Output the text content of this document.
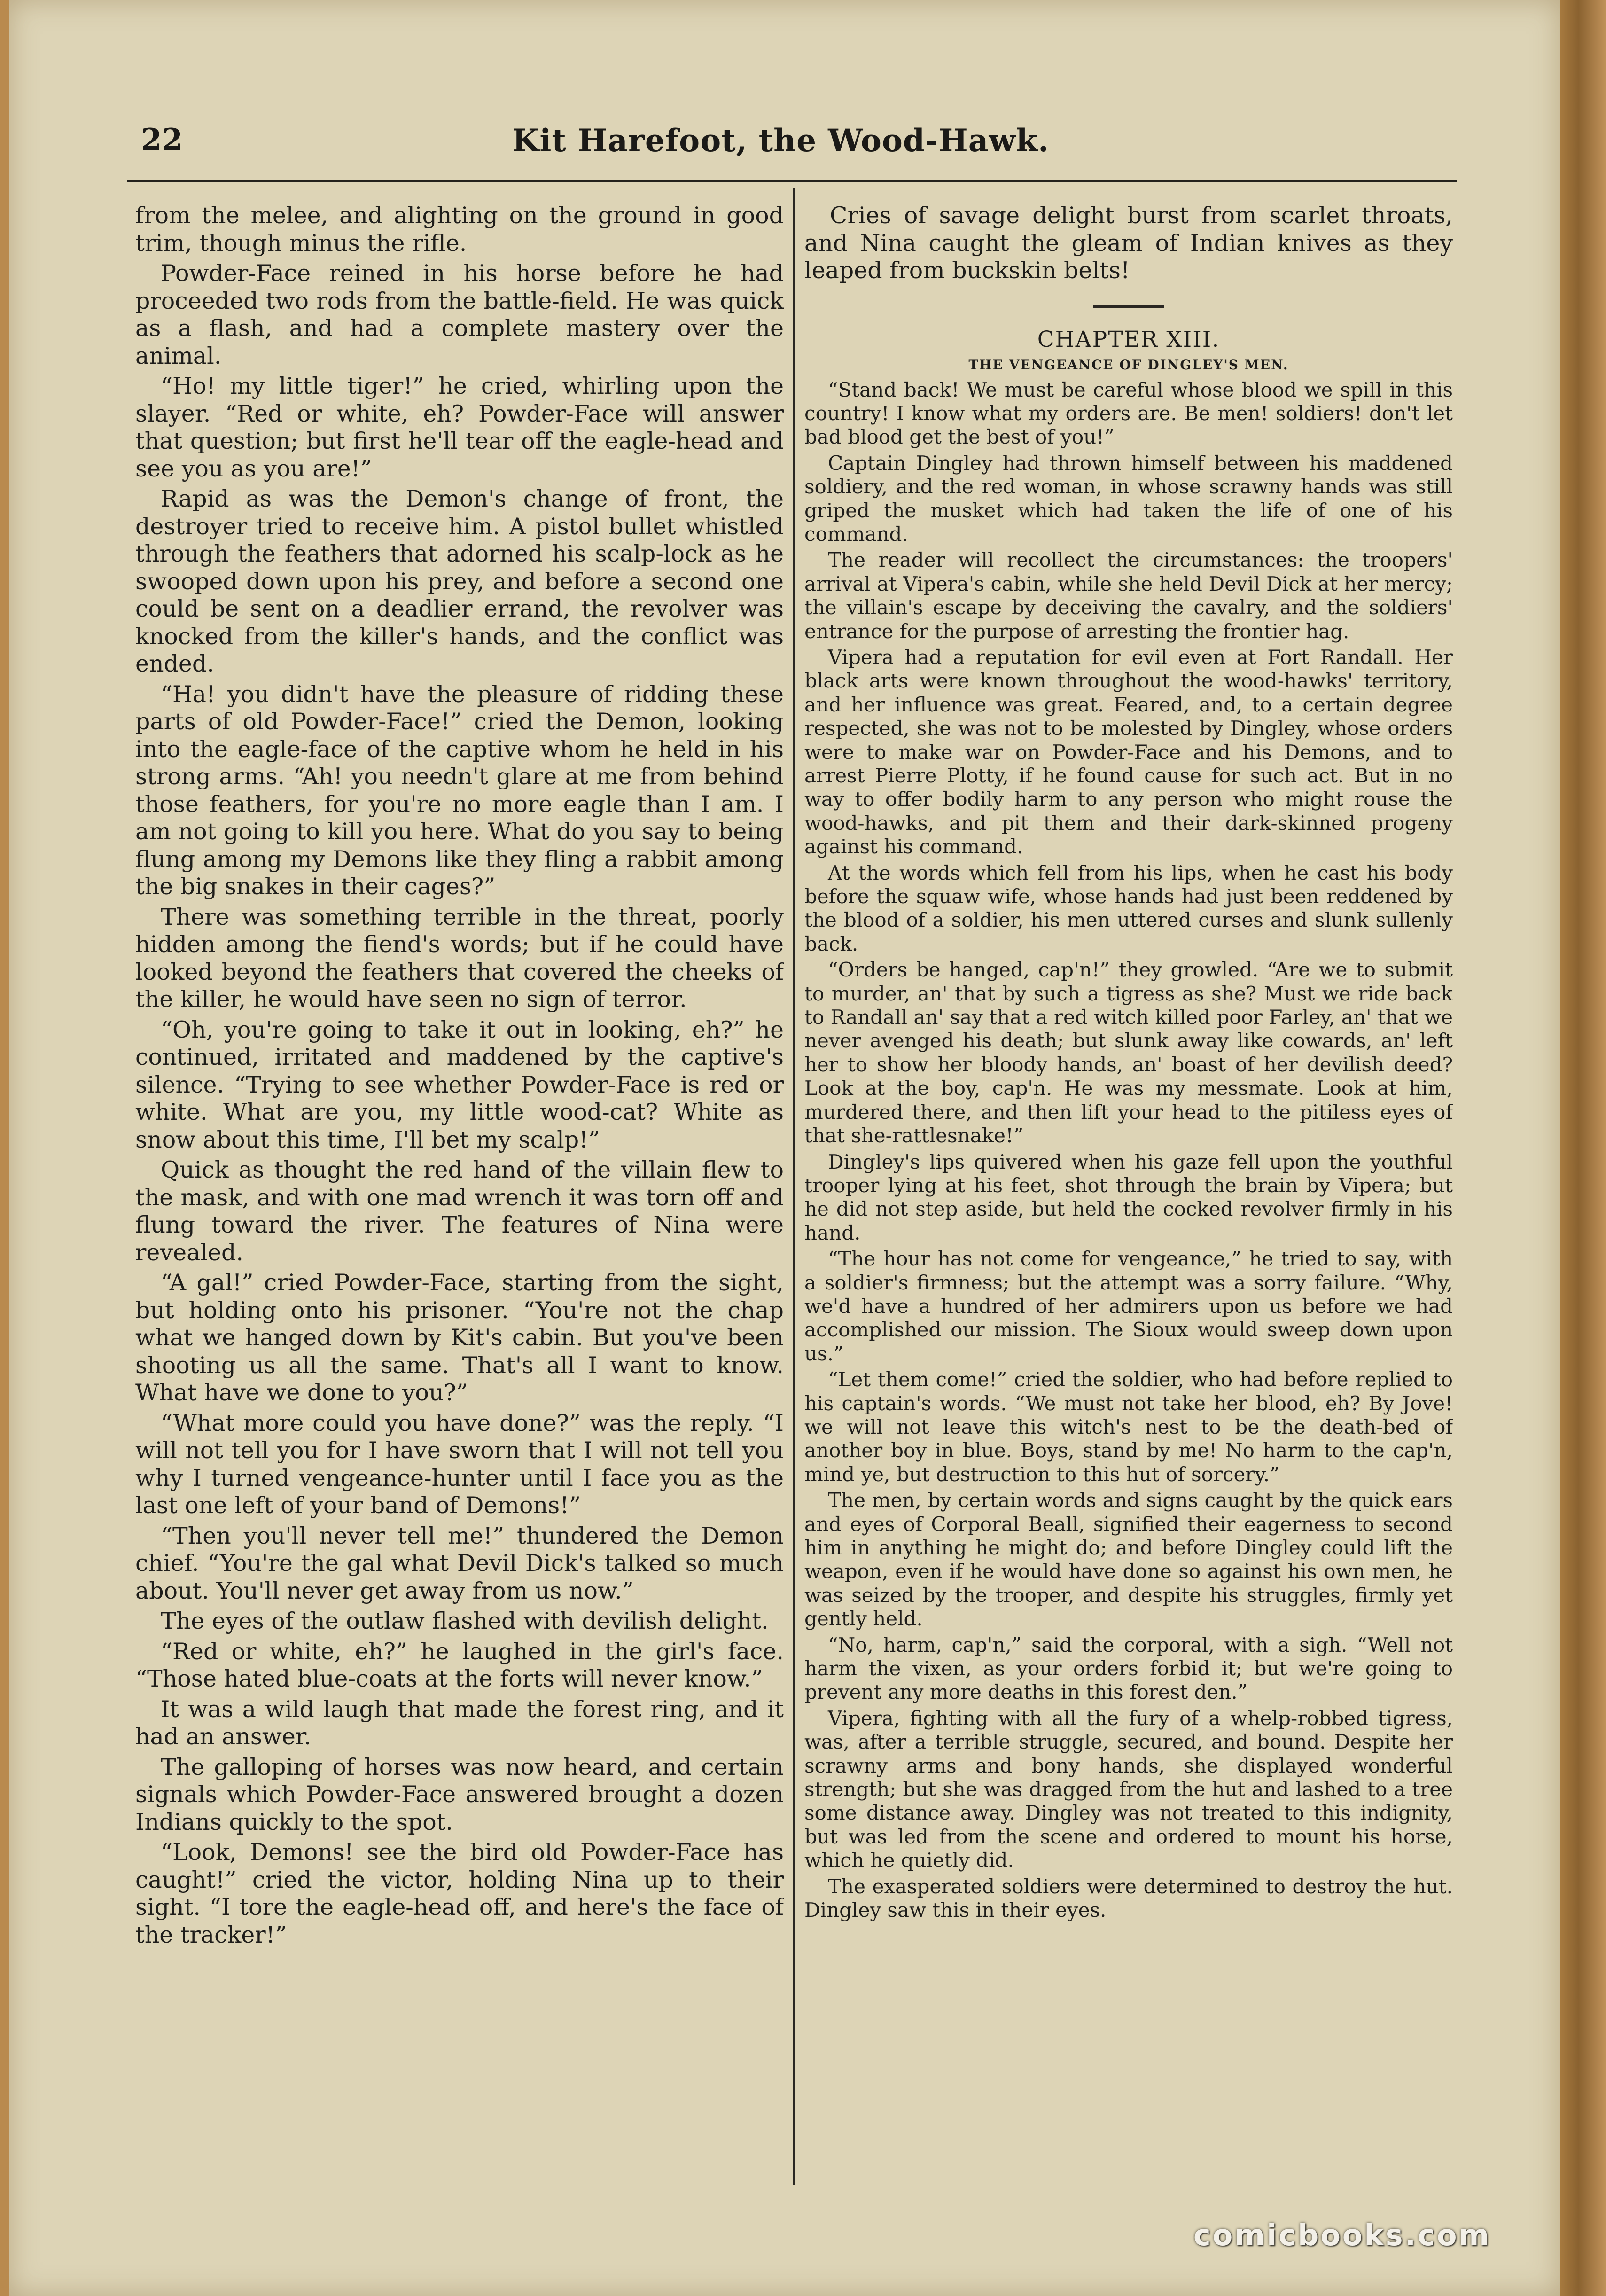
22	Kit Harefoot, the Wood-Hawk.

from the melee, and alighting on the ground in good trim, though minus the rifle.

Powder-Face reined in his horse before he had proceeded two rods from the battle-field. He was quick as a flash, and had a complete mastery over the animal.

“Ho! my little tiger!” he cried, whirling upon the slayer. “Red or white, eh? Powder-Face will answer that question; but first he'll tear off the eagle-head and see you as you are!”

Rapid as was the Demon's change of front, the destroyer tried to receive him. A pistol bullet whistled through the feathers that adorned his scalp-lock as he swooped down upon his prey, and before a second one could be sent on a deadlier errand, the revolver was knocked from the killer's hands, and the conflict was ended.

“Ha! you didn't have the pleasure of ridding these parts of old Powder-Face!” cried the Demon, looking into the eagle-face of the captive whom he held in his strong arms. “Ah! you needn't glare at me from behind those feathers, for you're no more eagle than I am. I am not going to kill you here. What do you say to being flung among my Demons like they fling a rabbit among the big snakes in their cages?”

There was something terrible in the threat, poorly hidden among the fiend's words; but if he could have looked beyond the feathers that covered the cheeks of the killer, he would have seen no sign of terror.

“Oh, you're going to take it out in looking, eh?” he continued, irritated and maddened by the captive's silence. “Trying to see whether Powder-Face is red or white. What are you, my little wood-cat? White as snow about this time, I'll bet my scalp!”

Quick as thought the red hand of the villain flew to the mask, and with one mad wrench it was torn off and flung toward the river. The features of Nina were revealed.

“A gal!” cried Powder-Face, starting from the sight, but holding onto his prisoner. “You're not the chap what we hanged down by Kit's cabin. But you've been shooting us all the same. That's all I want to know. What have we done to you?”

“What more could you have done?” was the reply. “I will not tell you for I have sworn that I will not tell you why I turned vengeance-hunter until I face you as the last one left of your band of Demons!”

“Then you'll never tell me!” thundered the Demon chief. “You're the gal what Devil Dick's talked so much about. You'll never get away from us now.”

The eyes of the outlaw flashed with devilish delight.

“Red or white, eh?” he laughed in the girl's face. “Those hated blue-coats at the forts will never know.”

It was a wild laugh that made the forest ring, and it had an answer.

The galloping of horses was now heard, and certain signals which Powder-Face answered brought a dozen Indians quickly to the spot.

“Look, Demons! see the bird old Powder-Face has caught!” cried the victor, holding Nina up to their sight. “I tore the eagle-head off, and here's the face of the tracker!”

Cries of savage delight burst from scarlet throats, and Nina caught the gleam of Indian knives as they leaped from buckskin belts!

CHAPTER XIII.
THE VENGEANCE OF DINGLEY'S MEN.

“Stand back! We must be careful whose blood we spill in this country! I know what my orders are. Be men! soldiers! don't let bad blood get the best of you!”

Captain Dingley had thrown himself between his maddened soldiery, and the red woman, in whose scrawny hands was still griped the musket which had taken the life of one of his command.

The reader will recollect the circumstances: the troopers' arrival at Vipera's cabin, while she held Devil Dick at her mercy; the villain's escape by deceiving the cavalry, and the soldiers' entrance for the purpose of arresting the frontier hag.

Vipera had a reputation for evil even at Fort Randall. Her black arts were known throughout the wood-hawks' territory, and her influence was great. Feared, and, to a certain degree respected, she was not to be molested by Dingley, whose orders were to make war on Powder-Face and his Demons, and to arrest Pierre Plotty, if he found cause for such act. But in no way to offer bodily harm to any person who might rouse the wood-hawks, and pit them and their dark-skinned progeny against his command.

At the words which fell from his lips, when he cast his body before the squaw wife, whose hands had just been reddened by the blood of a soldier, his men uttered curses and slunk sullenly back.

“Orders be hanged, cap'n!” they growled. “Are we to submit to murder, an' that by such a tigress as she? Must we ride back to Randall an' say that a red witch killed poor Farley, an' that we never avenged his death; but slunk away like cowards, an' left her to show her bloody hands, an' boast of her devilish deed? Look at the boy, cap'n. He was my messmate. Look at him, murdered there, and then lift your head to the pitiless eyes of that she-rattlesnake!”

Dingley's lips quivered when his gaze fell upon the youthful trooper lying at his feet, shot through the brain by Vipera; but he did not step aside, but held the cocked revolver firmly in his hand.

“The hour has not come for vengeance,” he tried to say, with a soldier's firmness; but the attempt was a sorry failure. “Why, we'd have a hundred of her admirers upon us before we had accomplished our mission. The Sioux would sweep down upon us.”

“Let them come!” cried the soldier, who had before replied to his captain's words. “We must not take her blood, eh? By Jove! we will not leave this witch's nest to be the death-bed of another boy in blue. Boys, stand by me! No harm to the cap'n, mind ye, but destruction to this hut of sorcery.”

The men, by certain words and signs caught by the quick ears and eyes of Corporal Beall, signified their eagerness to second him in anything he might do; and before Dingley could lift the weapon, even if he would have done so against his own men, he was seized by the trooper, and despite his struggles, firmly yet gently held.

“No, harm, cap'n,” said the corporal, with a sigh. “Well not harm the vixen, as your orders forbid it; but we're going to prevent any more deaths in this forest den.”

Vipera, fighting with all the fury of a whelp-robbed tigress, was, after a terrible struggle, secured, and bound. Despite her scrawny arms and bony hands, she displayed wonderful strength; but she was dragged from the hut and lashed to a tree some distance away. Dingley was not treated to this indignity, but was led from the scene and ordered to mount his horse, which he quietly did.

The exasperated soldiers were determined to destroy the hut. Dingley saw this in their eyes.

comicbooks.com
